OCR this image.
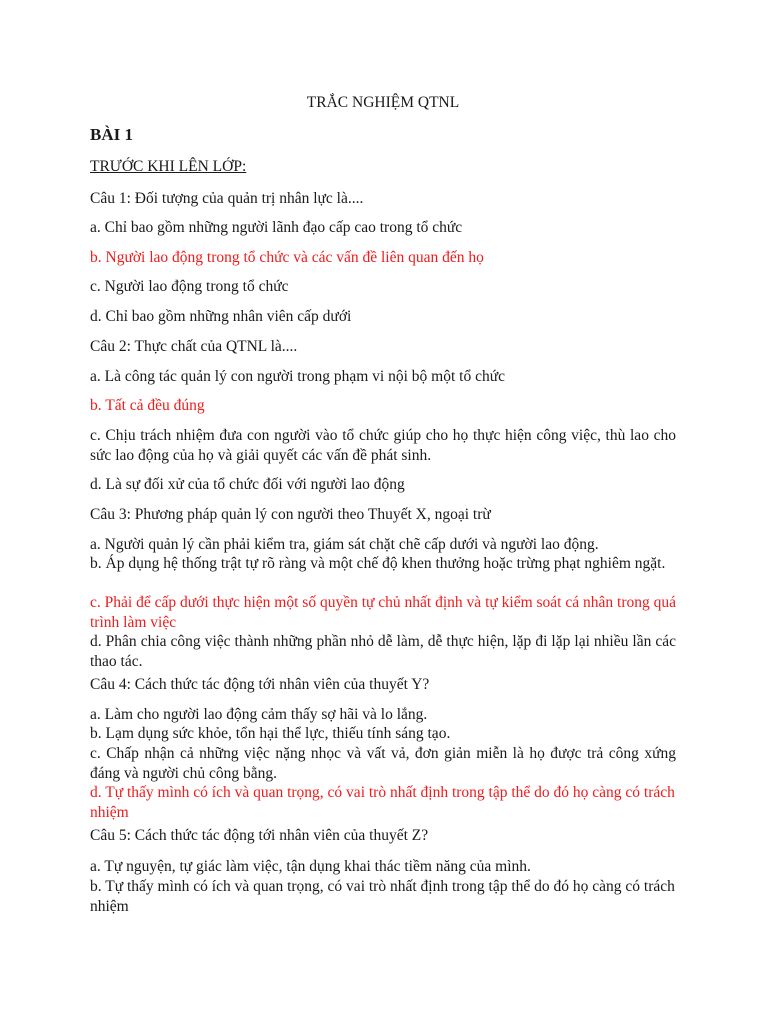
TRẮC NGHIỆM QTNL

BÀI 1

TRƯỚC KHI LÊN LỚP:

Câu 1: Đối tượng của quản trị nhân lực là....

a. Chỉ bao gồm những người lãnh đạo cấp cao trong tổ chức

b. Người lao động trong tổ chức và các vấn đề liên quan đến họ

c. Người lao động trong tổ chức

d. Chỉ bao gồm những nhân viên cấp dưới

Câu 2: Thực chất của QTNL là....

a. Là công tác quản lý con người trong phạm vi nội bộ một tổ chức

b. Tất cả đều đúng

c. Chịu trách nhiệm đưa con người vào tổ chức giúp cho họ thực hiện công việc, thù lao cho sức lao động của họ và giải quyết các vấn đề phát sinh.

d. Là sự đối xử của tổ chức đối với người lao động

Câu 3: Phương pháp quản lý con người theo Thuyết X, ngoại trừ

a. Người quản lý cần phải kiểm tra, giám sát chặt chẽ cấp dưới và người lao động.

b. Áp dụng hệ thống trật tự rõ ràng và một chế độ khen thưởng hoặc trừng phạt nghiêm ngặt.

c. Phải để cấp dưới thực hiện một số quyền tự chủ nhất định và tự kiểm soát cá nhân trong quá trình làm việc

d. Phân chia công việc thành những phần nhỏ dễ làm, dễ thực hiện, lặp đi lặp lại nhiều lần các thao tác.

Câu 4: Cách thức tác động tới nhân viên của thuyết Y?

a. Làm cho người lao động cảm thấy sợ hãi và lo lắng.

b. Lạm dụng sức khỏe, tổn hại thể lực, thiếu tính sáng tạo.

c. Chấp nhận cả những việc nặng nhọc và vất vả, đơn giản miễn là họ được trả công xứng đáng và người chủ công bằng.

d. Tự thấy mình có ích và quan trọng, có vai trò nhất định trong tập thể do đó họ càng có trách nhiệm

Câu 5: Cách thức tác động tới nhân viên của thuyết Z?

a. Tự nguyện, tự giác làm việc, tận dụng khai thác tiềm năng của mình.

b. Tự thấy mình có ích và quan trọng, có vai trò nhất định trong tập thể do đó họ càng có trách nhiệm
